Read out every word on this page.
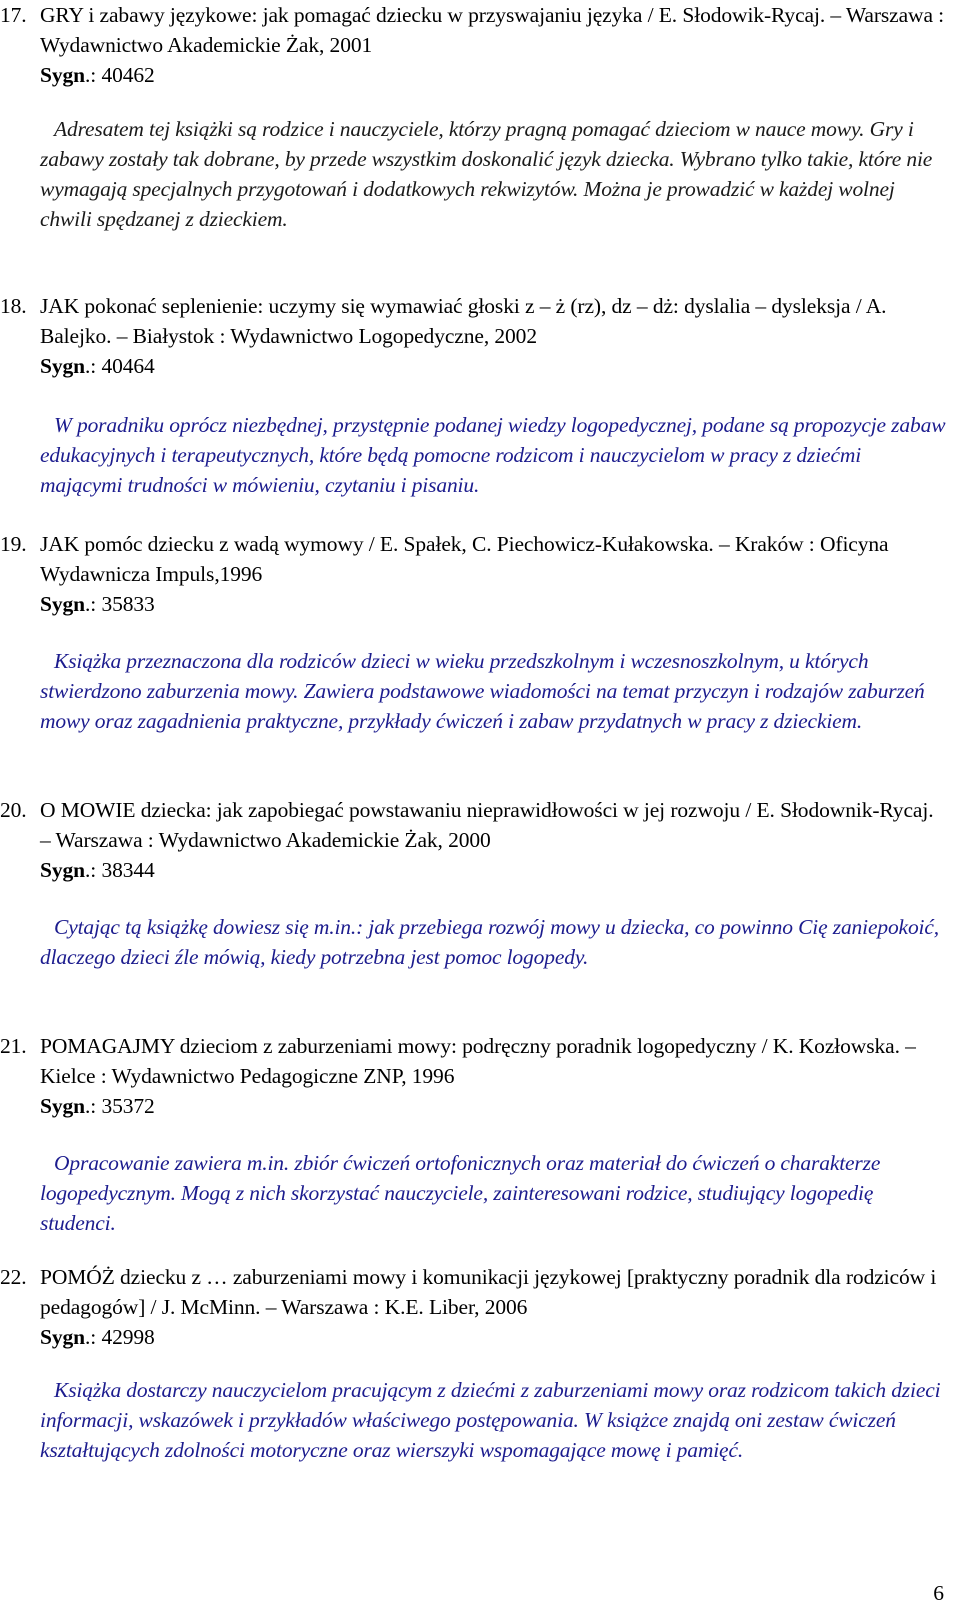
17. GRY i zabawy językowe: jak pomagać dziecku w przyswajaniu języka / E. Słodowik-Rycaj. – Warszawa : Wydawnictwo Akademickie Żak, 2001
Sygn.: 40462
Adresatem tej książki są rodzice i nauczyciele, którzy pragną pomagać dzieciom w nauce mowy. Gry i zabawy zostały tak dobrane, by przede wszystkim doskonalić język dziecka. Wybrano tylko takie, które nie wymagają specjalnych przygotowań i dodatkowych rekwizytów. Można je prowadzić w każdej wolnej chwili spędzanej z dzieckiem.
18. JAK pokonać seplenienie: uczymy się wymawiać głoski z – ż (rz), dz – dż: dyslalia – dysleksja / A. Balejko. – Białystok : Wydawnictwo Logopedyczne, 2002
Sygn.: 40464
W poradniku oprócz niezbędnej, przystępnie podanej wiedzy logopedycznej, podane są propozycje zabaw edukacyjnych i terapeutycznych, które będą pomocne rodzicom i nauczycielom w pracy z dziećmi mającymi trudności w mówieniu, czytaniu i pisaniu.
19. JAK pomóc dziecku z wadą wymowy / E. Spałek, C. Piechowicz-Kułakowska. – Kraków : Oficyna Wydawnicza Impuls,1996
Sygn.: 35833
Książka przeznaczona dla rodziców dzieci w wieku przedszkolnym i wczesnoszkolnym, u których stwierdzono zaburzenia mowy. Zawiera podstawowe wiadomości na temat przyczyn i rodzajów zaburzeń mowy oraz zagadnienia praktyczne, przykłady ćwiczeń i zabaw przydatnych w pracy z dzieckiem.
20. O MOWIE dziecka: jak zapobiegać powstawaniu nieprawidłowości w jej rozwoju / E. Słodownik-Rycaj. – Warszawa : Wydawnictwo Akademickie Żak, 2000
Sygn.: 38344
Cytając tą książkę dowiesz się m.in.: jak przebiega rozwój mowy u dziecka, co powinno Cię zaniepokoić, dlaczego dzieci źle mówią, kiedy potrzebna jest pomoc logopedy.
21. POMAGAJMY dzieciom z zaburzeniami mowy: podręczny poradnik logopedyczny / K. Kozłowska. – Kielce : Wydawnictwo Pedagogiczne ZNP, 1996
Sygn.: 35372
Opracowanie zawiera m.in. zbiór ćwiczeń ortofonicznych oraz materiał do ćwiczeń o charakterze logopedycznym. Mogą z nich skorzystać nauczyciele, zainteresowani rodzice, studiujący logopedię studenci.
22. POMÓŻ dziecku z … zaburzeniami mowy i komunikacji językowej [praktyczny poradnik dla rodziców i pedagogów] / J. McMinn. – Warszawa : K.E. Liber, 2006
Sygn.: 42998
Książka dostarczy nauczycielom pracującym z dziećmi z zaburzeniami mowy oraz rodzicom takich dzieci informacji, wskazówek i przykładów właściwego postępowania. W książce znajdą oni zestaw ćwiczeń kształtujących zdolności motoryczne oraz wierszyki wspomagające mowę i pamięć.
6
